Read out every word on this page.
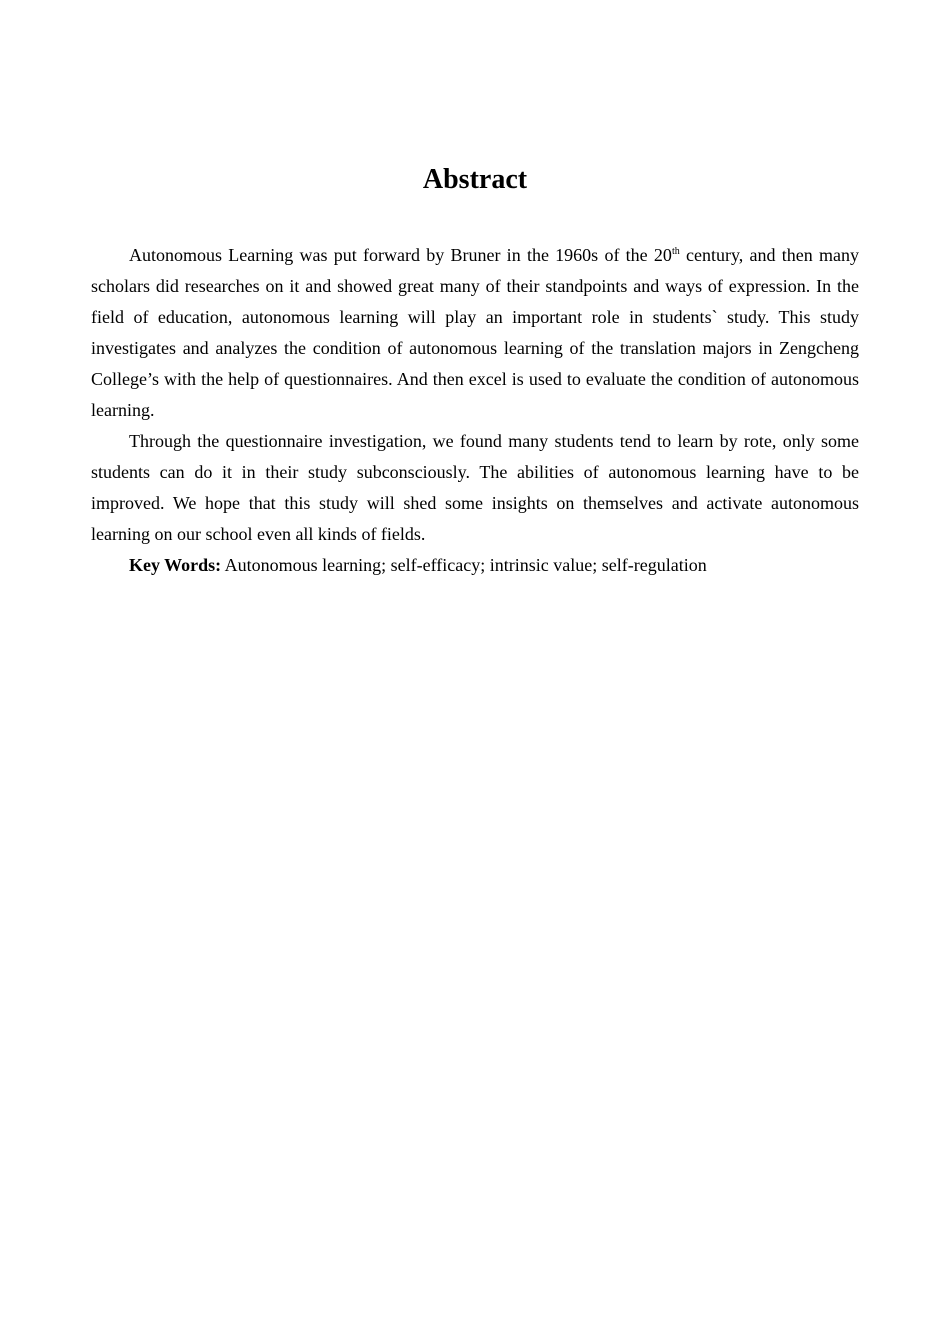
Abstract

Autonomous Learning was put forward by Bruner in the 1960s of the 20th century, and then many scholars did researches on it and showed great many of their standpoints and ways of expression. In the field of education, autonomous learning will play an important role in students` study. This study investigates and analyzes the condition of autonomous learning of the translation majors in Zengcheng College’s with the help of questionnaires. And then excel is used to evaluate the condition of autonomous learning.

Through the questionnaire investigation, we found many students tend to learn by rote, only some students can do it in their study subconsciously. The abilities of autonomous learning have to be improved. We hope that this study will shed some insights on themselves and activate autonomous learning on our school even all kinds of fields.

Key Words: Autonomous learning; self-efficacy; intrinsic value; self-regulation
